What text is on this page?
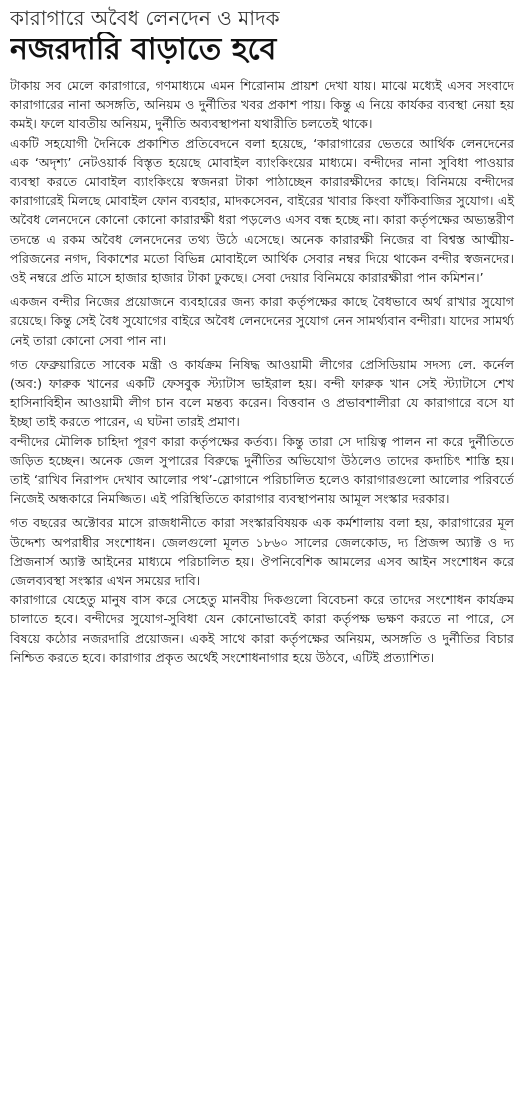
কারাগারে অবৈধ লেনদেন ও মাদক
নজরদারি বাড়াতে হবে

টাকায় সব মেলে কারাগারে, গণমাধ্যমে এমন শিরোনাম প্রায়শ দেখা যায়। মাঝে মধ্যেই এসব সংবাদে কারাগারের নানা অসঙ্গতি, অনিয়ম ও দুর্নীতির খবর প্রকাশ পায়। কিন্তু এ নিয়ে কার্যকর ব্যবস্থা নেয়া হয় কমই। ফলে যাবতীয় অনিয়ম, দুর্নীতি অব্যবস্থাপনা যথারীতি চলতেই থাকে।

একটি সহযোগী দৈনিকে প্রকাশিত প্রতিবেদনে বলা হয়েছে, ‘কারাগারের ভেতরে আর্থিক লেনদেনের এক ‘অদৃশ্য’ নেটওয়ার্ক বিস্তৃত হয়েছে মোবাইল ব্যাংকিংয়ের মাধ্যমে। বন্দীদের নানা সুবিধা পাওয়ার ব্যবস্থা করতে মোবাইল ব্যাংকিংয়ে স্বজনরা টাকা পাঠাচ্ছেন কারারক্ষীদের কাছে। বিনিময়ে বন্দীদের কারাগারেই মিলছে মোবাইল ফোন ব্যবহার, মাদকসেবন, বাইরের খাবার কিংবা ফাঁকিবাজির সুযোগ। এই অবৈধ লেনদেনে কোনো কোনো কারারক্ষী ধরা পড়লেও এসব বন্ধ হচ্ছে না। কারা কর্তৃপক্ষের অভ্যন্তরীণ তদন্তে এ রকম অবৈধ লেনদেনের তথ্য উঠে এসেছে। অনেক কারারক্ষী নিজের বা বিশ্বস্ত আত্মীয়-পরিজনের নগদ, বিকাশের মতো বিভিন্ন মোবাইলে আর্থিক সেবার নম্বর দিয়ে থাকেন বন্দীর স্বজনদের। ওই নম্বরে প্রতি মাসে হাজার হাজার টাকা ঢুকছে। সেবা দেয়ার বিনিময়ে কারারক্ষীরা পান কমিশন।’

একজন বন্দীর নিজের প্রয়োজনে ব্যবহারের জন্য কারা কর্তৃপক্ষের কাছে বৈধভাবে অর্থ রাখার সুযোগ রয়েছে। কিন্তু সেই বৈধ সুযোগের বাইরে অবৈধ লেনদেনের সুযোগ নেন সামর্থ্যবান বন্দীরা। যাদের সামর্থ্য নেই তারা কোনো সেবা পান না।

গত ফেব্রুয়ারিতে সাবেক মন্ত্রী ও কার্যক্রম নিষিদ্ধ আওয়ামী লীগের প্রেসিডিয়াম সদস্য লে. কর্নেল (অব:) ফারুক খানের একটি ফেসবুক স্ট্যাটাস ভাইরাল হয়। বন্দী ফারুক খান সেই স্ট্যাটাসে শেখ হাসিনাবিহীন আওয়ামী লীগ চান বলে মন্তব্য করেন। বিত্তবান ও প্রভাবশালীরা যে কারাগারে বসে যা ইচ্ছা তাই করতে পারেন, এ ঘটনা তারই প্রমাণ।

বন্দীদের মৌলিক চাহিদা পূরণ কারা কর্তৃপক্ষের কর্তব্য। কিন্তু তারা সে দায়িত্ব পালন না করে দুর্নীতিতে জড়িত হচ্ছেন। অনেক জেল সুপারের বিরুদ্ধে দুর্নীতির অভিযোগ উঠলেও তাদের কদাচিৎ শাস্তি হয়। তাই ‘রাখিব নিরাপদ দেখাব আলোর পথ’-স্লোগানে পরিচালিত হলেও কারাগারগুলো আলোর পরিবর্তে নিজেই অন্ধকারে নিমজ্জিত। এই পরিস্থিতিতে কারাগার ব্যবস্থাপনায় আমূল সংস্কার দরকার।

গত বছরের অক্টোবর মাসে রাজধানীতে কারা সংস্কারবিষয়ক এক কর্মশালায় বলা হয়, কারাগারের মূল উদ্দেশ্য অপরাধীর সংশোধন। জেলগুলো মূলত ১৮৬০ সালের জেলকোড, দ্য প্রিজন্স অ্যাক্ট ও দ্য প্রিজনার্স অ্যাক্ট আইনের মাধ্যমে পরিচালিত হয়। ঔপনিবেশিক আমলের এসব আইন সংশোধন করে জেলব্যবস্থা সংস্কার এখন সময়ের দাবি।

কারাগারে যেহেতু মানুষ বাস করে সেহেতু মানবীয় দিকগুলো বিবেচনা করে তাদের সংশোধন কার্যক্রম চালাতে হবে। বন্দীদের সুযোগ-সুবিধা যেন কোনোভাবেই কারা কর্তৃপক্ষ ভক্ষণ করতে না পারে, সে বিষয়ে কঠোর নজরদারি প্রয়োজন। একই সাথে কারা কর্তৃপক্ষের অনিয়ম, অসঙ্গতি ও দুর্নীতির বিচার নিশ্চিত করতে হবে। কারাগার প্রকৃত অর্থেই সংশোধনাগার হয়ে উঠবে, এটিই প্রত্যাশিত।
